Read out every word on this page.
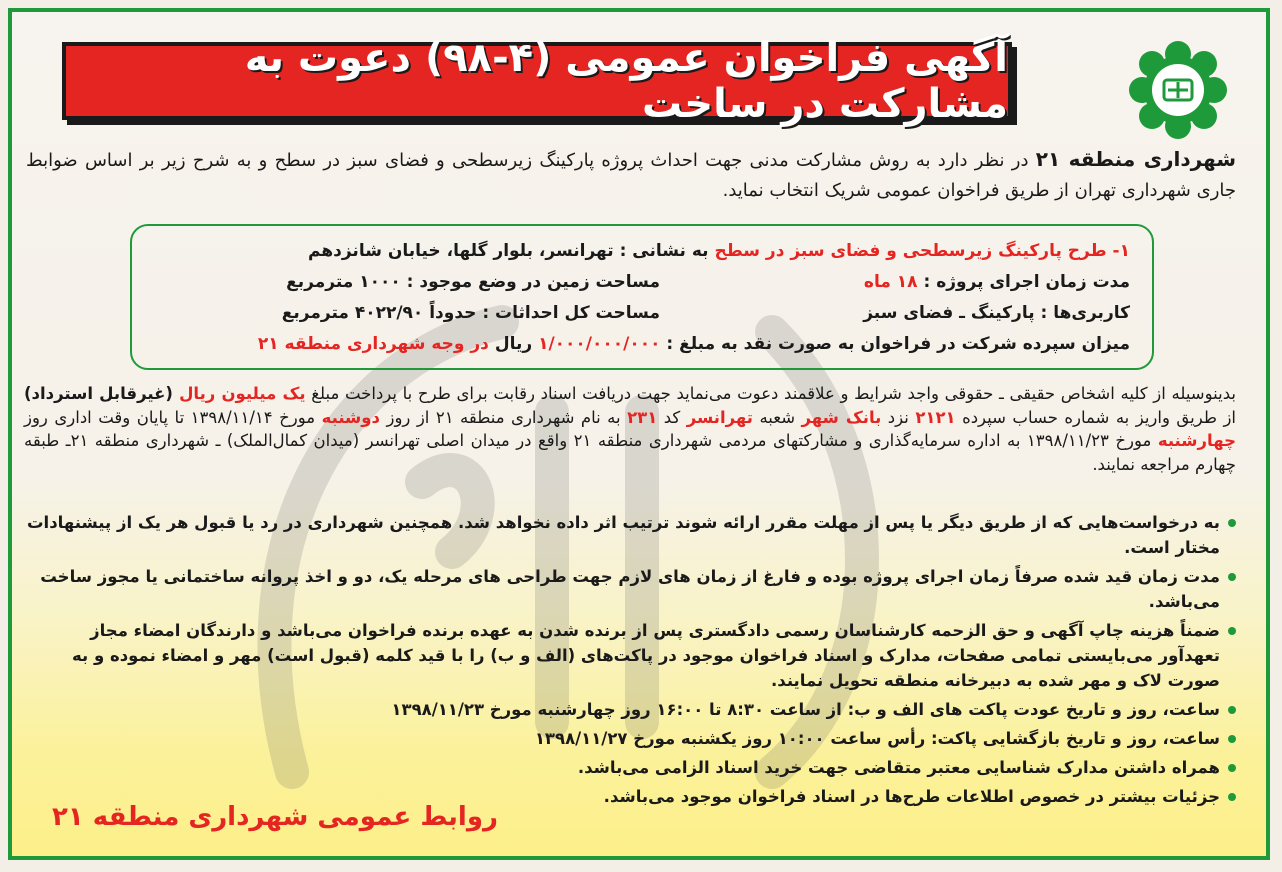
آگهی فراخوان عمومی (۴-۹۸) دعوت به مشارکت در ساخت
شهرداری منطقه ۲۱ در نظر دارد به روش مشارکت مدنی جهت احداث پروژه پارکینگ زیرسطحی و فضای سبز در سطح و به شرح زیر بر اساس ضوابط جاری شهرداری تهران از طریق فراخوان عمومی شریک انتخاب نماید.
۱- طرح پارکینگ زیرسطحی و فضای سبز در سطح به نشانی : تهرانسر، بلوار گلها، خیابان شانزدهم
مدت زمان اجرای پروژه : ۱۸ ماه
مساحت زمین در وضع موجود : ۱۰۰۰ مترمربع
کاربری‌ها : پارکینگ ـ فضای سبز
مساحت کل احداثات : حدوداً ۴۰۲۲/۹۰ مترمربع
میزان سپرده شرکت در فراخوان به صورت نقد به مبلغ : ۱/۰۰۰/۰۰۰/۰۰۰ ریال در وجه شهرداری منطقه ۲۱
بدینوسیله از کلیه اشخاص حقیقی ـ حقوقی واجد شرایط و علاقمند دعوت می‌نماید جهت دریافت اسناد رقابت برای طرح با پرداخت مبلغ یک میلیون ریال (غیرقابل استرداد) از طریق واریز به شماره حساب سپرده ۲۱۲۱ نزد بانک شهر شعبه تهرانسر کد ۲۳۱ به نام شهرداری منطقه ۲۱ از روز دوشنبه مورخ ۱۳۹۸/۱۱/۱۴ تا پایان وقت اداری روز چهارشنبه مورخ ۱۳۹۸/۱۱/۲۳ به اداره سرمایه‌گذاری و مشارکتهای مردمی شهرداری منطقه ۲۱ واقع در میدان اصلی تهرانسر (میدان کمال‌الملک) ـ شهرداری منطقه ۲۱ـ طبقه چهارم مراجعه نمایند.
به درخواست‌هایی که از طریق دیگر یا پس از مهلت مقرر ارائه شوند ترتیب اثر داده نخواهد شد. همچنین شهرداری در رد یا قبول هر یک از پیشنهادات مختار است.
مدت زمان قید شده صرفاً زمان اجرای پروژه بوده و فارغ از زمان های لازم جهت طراحی های مرحله یک، دو و اخذ پروانه ساختمانی یا مجوز ساخت می‌باشد.
ضمناً هزینه چاپ آگهی و حق الزحمه کارشناسان رسمی دادگستری پس از برنده شدن به عهده برنده فراخوان می‌باشد و دارندگان امضاء مجاز تعهدآور می‌بایستی تمامی صفحات، مدارک و اسناد فراخوان موجود در پاکت‌های (الف و ب) را با قید کلمه (قبول است) مهر و امضاء نموده و به صورت لاک و مهر شده به دبیرخانه منطقه تحویل نمایند.
ساعت، روز و تاریخ عودت پاکت های الف و ب: از ساعت ۸:۳۰ تا ۱۶:۰۰ روز چهارشنبه مورخ ۱۳۹۸/۱۱/۲۳
ساعت، روز و تاریخ بازگشایی پاکت: رأس ساعت ۱۰:۰۰ روز یکشنبه مورخ ۱۳۹۸/۱۱/۲۷
همراه داشتن مدارک شناسایی معتبر متقاضی جهت خرید اسناد الزامی می‌باشد.
جزئیات بیشتر در خصوص اطلاعات طرح‌ها در اسناد فراخوان موجود می‌باشد.
روابط عمومی شهرداری منطقه ۲۱
